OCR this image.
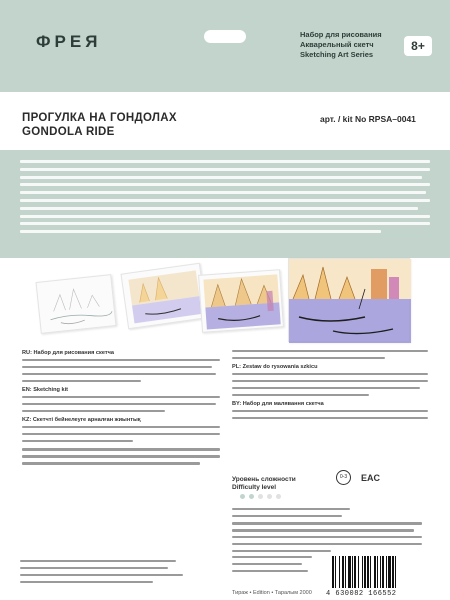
ФРЕЯ	Набор для рисования
Акварельный скетч
Sketching Art Series
8+
ПРОГУЛКА НА ГОНДОЛАХ
GONDOLA RIDE
арт. / kit No RPSA–0041
RU: Набор для рисования скетча
EN: Sketching kit
KZ: Скетчті бейнелеуге арналған жиынтық
PL: Zestaw do rysowania szkicu
BY: Набор для малявання скетча
Уровень сложности
Difficulty level
0-3	EAC
Тираж • Edition • Таралым 2000 4 630082 166552
